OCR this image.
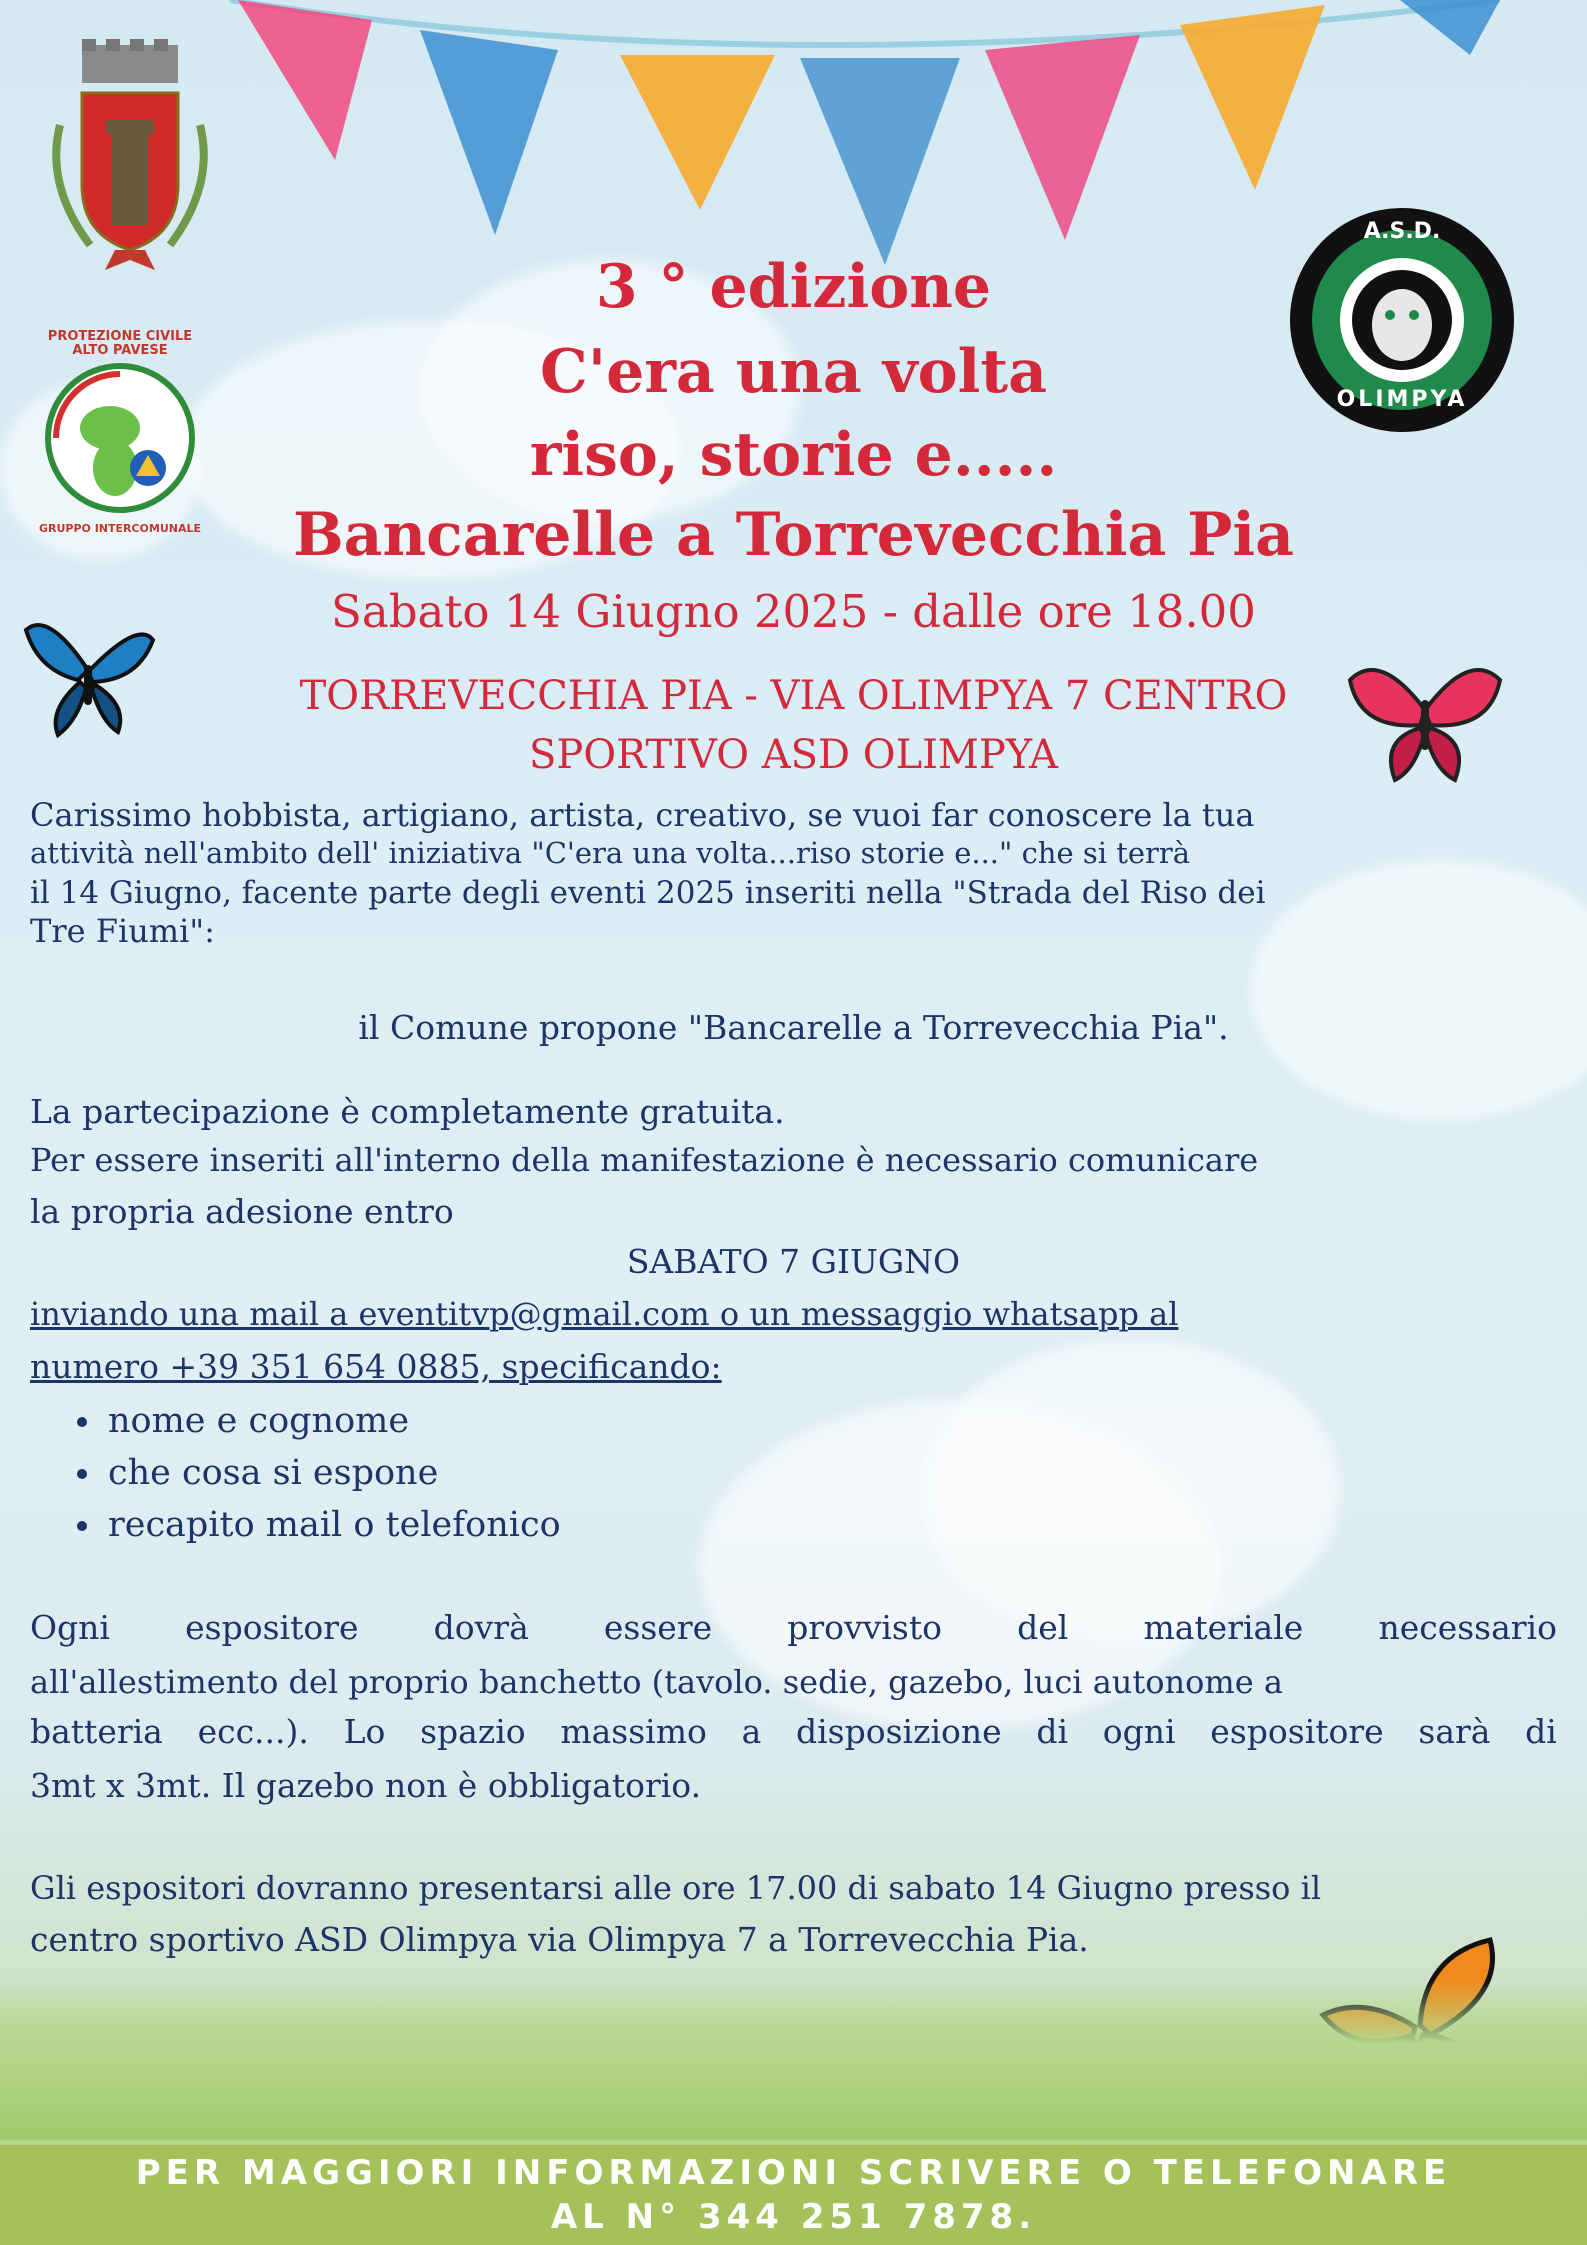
PROTEZIONE CIVILE
ALTO PAVESE
GRUPPO INTERCOMUNALE
A.S.D.
OLIMPYA
3 ° edizione
C'era una volta
riso, storie e.....
Bancarelle a Torrevecchia Pia
Sabato 14 Giugno 2025 - dalle ore 18.00
TORREVECCHIA PIA - VIA OLIMPYA 7 CENTRO
SPORTIVO ASD OLIMPYA
Carissimo hobbista, artigiano, artista, creativo, se vuoi far conoscere la tua
attività nell'ambito dell' iniziativa "C'era una volta...riso storie e..." che si terrà
il 14 Giugno, facente parte degli eventi 2025 inseriti nella "Strada del Riso dei
Tre Fiumi":
il Comune propone "Bancarelle a Torrevecchia Pia".
La partecipazione è completamente gratuita.
Per essere inseriti all'interno della manifestazione è necessario comunicare
la propria adesione entro
SABATO 7 GIUGNO
inviando una mail a eventitvp@gmail.com o un messaggio whatsapp al
numero +39 351 654 0885, specificando:
• nome e cognome
• che cosa si espone
• recapito mail o telefonico
Ogni espositore dovrà essere provvisto del materiale necessario
all'allestimento del proprio banchetto (tavolo. sedie, gazebo, luci autonome a
batteria ecc...). Lo spazio massimo a disposizione di ogni espositore sarà di
3mt x 3mt. Il gazebo non è obbligatorio.
Gli espositori dovranno presentarsi alle ore 17.00 di sabato 14 Giugno presso il
centro sportivo ASD Olimpya via Olimpya 7 a Torrevecchia Pia.
PER MAGGIORI INFORMAZIONI SCRIVERE O TELEFONARE
AL N° 344 251 7878.
